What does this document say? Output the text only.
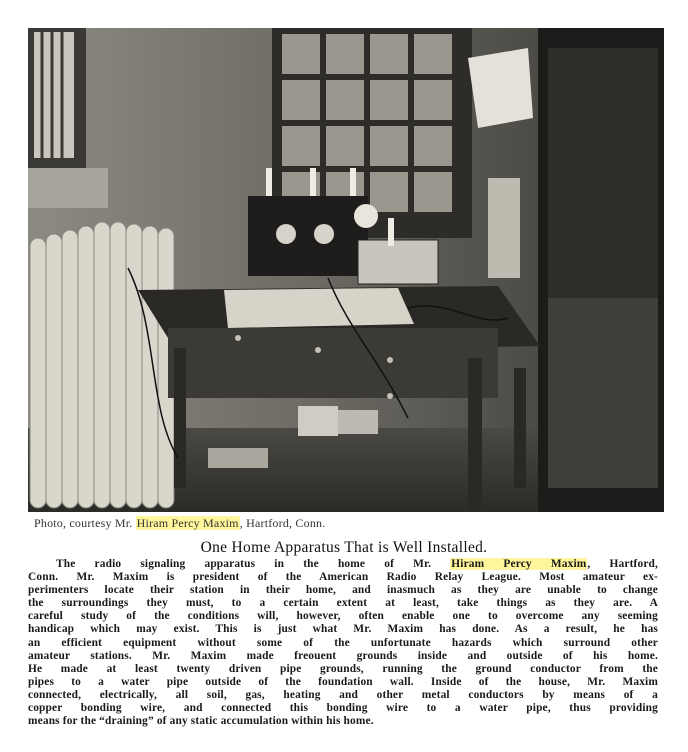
Photo, courtesy Mr. Hiram Percy Maxim, Hartford, Conn.
One Home Apparatus That is Well Installed.
The radio signaling apparatus in the home of Mr. Hiram Percy Maxim, Hartford,
Conn. Mr. Maxim is president of the American Radio Relay League. Most amateur ex-
perimenters locate their station in their home, and inasmuch as they are unable to change
the surroundings they must, to a certain extent at least, take things as they are. A
careful study of the conditions will, however, often enable one to overcome any seeming
handicap which may exist. This is just what Mr. Maxim has done. As a result, he has
an efficient equipment without some of the unfortunate hazards which surround other
amateur stations. Mr. Maxim made freouent grounds inside and outside of his home.
He made at least twenty driven pipe grounds, running the ground conductor from the
pipes to a water pipe outside of the foundation wall. Inside of the house, Mr. Maxim
connected, electrically, all soil, gas, heating and other metal conductors by means of a
copper bonding wire, and connected this bonding wire to a water pipe, thus providing
means for the “draining” of any static accumulation within his home.
